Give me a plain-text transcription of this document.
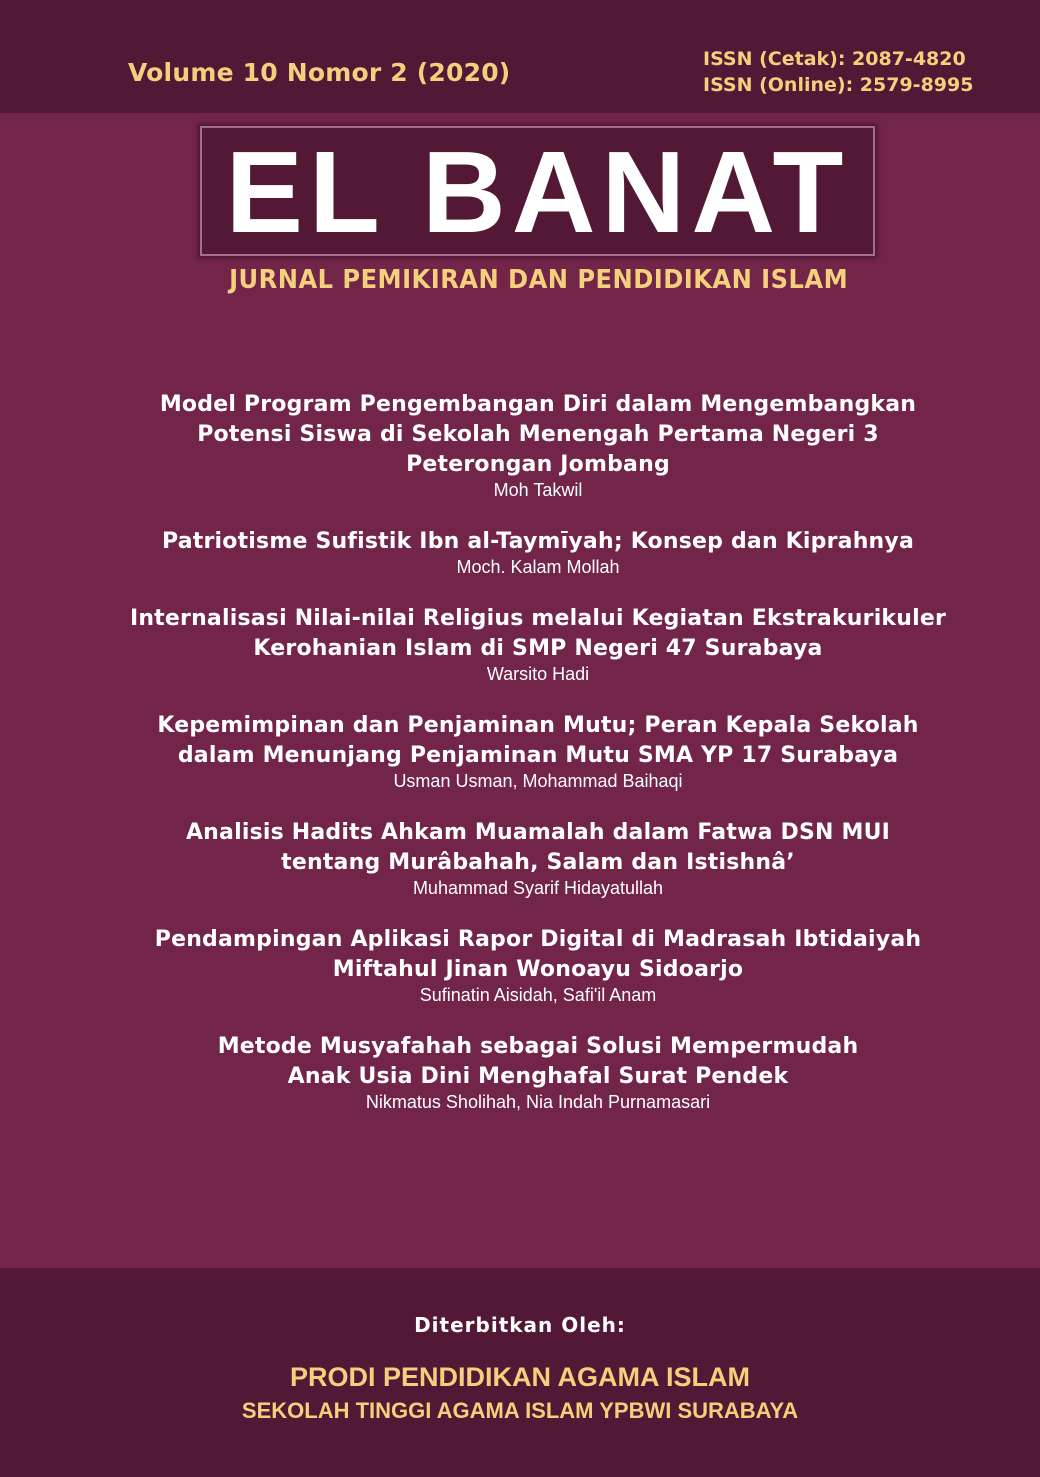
Volume 10 Nomor 2 (2020)	ISSN (Cetak): 2087-4820
ISSN (Online): 2579-8995
EL BANAT
JURNAL PEMIKIRAN DAN PENDIDIKAN ISLAM
Model Program Pengembangan Diri dalam Mengembangkan
Potensi Siswa di Sekolah Menengah Pertama Negeri 3
Peterongan Jombang
Moh Takwil
Patriotisme Sufistik Ibn al-Taymīyah; Konsep dan Kiprahnya
Moch. Kalam Mollah
Internalisasi Nilai-nilai Religius melalui Kegiatan Ekstrakurikuler
Kerohanian Islam di SMP Negeri 47 Surabaya
Warsito Hadi
Kepemimpinan dan Penjaminan Mutu; Peran Kepala Sekolah
dalam Menunjang Penjaminan Mutu SMA YP 17 Surabaya
Usman Usman, Mohammad Baihaqi
Analisis Hadits Ahkam Muamalah dalam Fatwa DSN MUI
tentang Murâbahah, Salam dan Istishnâ’
Muhammad Syarif Hidayatullah
Pendampingan Aplikasi Rapor Digital di Madrasah Ibtidaiyah
Miftahul Jinan Wonoayu Sidoarjo
Sufinatin Aisidah, Safi'il Anam
Metode Musyafahah sebagai Solusi Mempermudah
Anak Usia Dini Menghafal Surat Pendek
Nikmatus Sholihah, Nia Indah Purnamasari
Diterbitkan Oleh:
PRODI PENDIDIKAN AGAMA ISLAM
SEKOLAH TINGGI AGAMA ISLAM YPBWI SURABAYA
